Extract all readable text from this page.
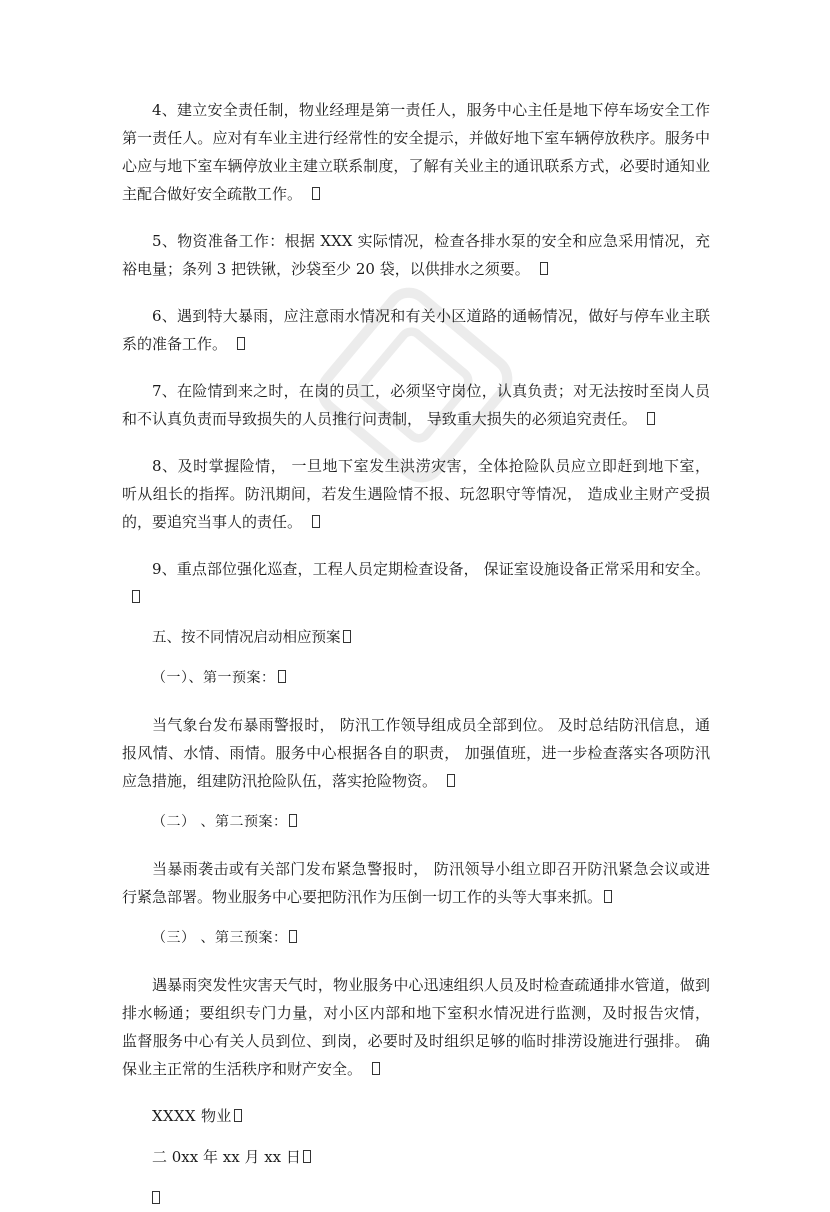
4、建立安全责任制，物业经理是第一责任人，服务中心主任是地下停车场安全工作第一责任人。应对有车业主进行经常性的安全提示，并做好地下室车辆停放秩序。服务中心应与地下室车辆停放业主建立联系制度，了解有关业主的通讯联系方式，必要时通知业主配合做好安全疏散工作。

5、物资准备工作：根据 XXX 实际情况，检查各排水泵的安全和应急采用情况，充裕电量；条列 3 把铁锹，沙袋至少 20 袋，以供排水之须要。

6、遇到特大暴雨，应注意雨水情况和有关小区道路的通畅情况，做好与停车业主联系的准备工作。

7、在险情到来之时，在岗的员工，必须坚守岗位，认真负责；对无法按时至岗人员和不认真负责而导致损失的人员推行问责制， 导致重大损失的必须追究责任。

8、及时掌握险情， 一旦地下室发生洪涝灾害，全体抢险队员应立即赶到地下室， 听从组长的指挥。防汛期间，若发生遇险情不报、玩忽职守等情况， 造成业主财产受损的，要追究当事人的责任。

9、重点部位强化巡查，工程人员定期检查设备， 保证室设施设备正常采用和安全。

五、按不同情况启动相应预案

（一）、第一预案：

当气象台发布暴雨警报时， 防汛工作领导组成员全部到位。 及时总结防汛信息，通报风情、水情、雨情。服务中心根据各自的职责， 加强值班，进一步检查落实各项防汛应急措施，组建防汛抢险队伍，落实抢险物资。

（二） 、第二预案：

当暴雨袭击或有关部门发布紧急警报时， 防汛领导小组立即召开防汛紧急会议或进行紧急部署。物业服务中心要把防汛作为压倒一切工作的头等大事来抓。

（三） 、第三预案：

遇暴雨突发性灾害天气时，物业服务中心迅速组织人员及时检查疏通排水管道，做到排水畅通；要组织专门力量，对小区内部和地下室积水情况进行监测，及时报告灾情， 监督服务中心有关人员到位、到岗，必要时及时组织足够的临时排涝设施进行强排。 确保业主正常的生活秩序和财产安全。

XXXX 物业

二 0xx 年 xx 月 xx 日
